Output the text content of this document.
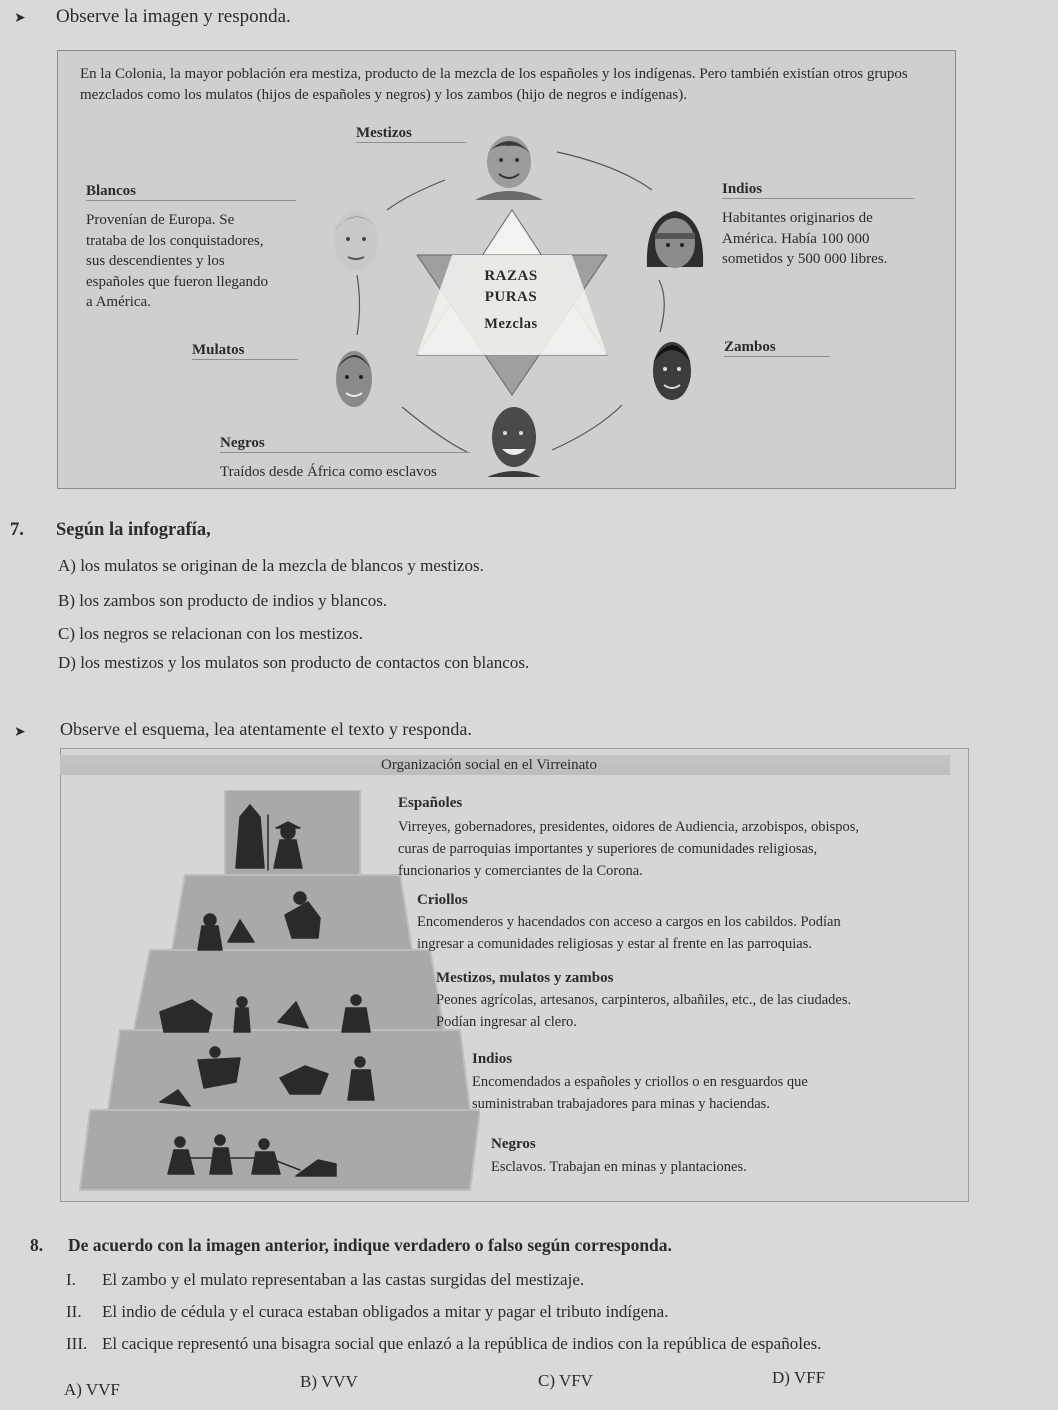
➤ Observe la imagen y responda.
En la Colonia, la mayor población era mestiza, producto de la mezcla de los españoles y los indígenas. Pero también existían otros grupos mezclados como los mulatos (hijos de españoles y negros) y los zambos (hijo de negros e indígenas).
RAZAS
PURAS
Mezclas
Mestizos
Blancos
Provenían de Europa. Se
trataba de los conquistadores,
sus descendientes y los
españoles que fueron llegando
a América.
Indios
Habitantes originarios de
América. Había 100 000
sometidos y 500 000 libres.
Mulatos	Zambos
Negros
Traídos desde África como esclavos
7. Según la infografía,
A) los mulatos se originan de la mezcla de blancos y mestizos.
B) los zambos son producto de indios y blancos.
C) los negros se relacionan con los mestizos.
D) los mestizos y los mulatos son producto de contactos con blancos.
➤ Observe el esquema, lea atentamente el texto y responda.
Organización social en el Virreinato
Españoles
Virreyes, gobernadores, presidentes, oidores de Audiencia, arzobispos, obispos,
curas de parroquias importantes y superiores de comunidades religiosas,
funcionarios y comerciantes de la Corona.
Criollos
Encomenderos y hacendados con acceso a cargos en los cabildos. Podían
ingresar a comunidades religiosas y estar al frente en las parroquias.
Mestizos, mulatos y zambos
Peones agrícolas, artesanos, carpinteros, albañiles, etc., de las ciudades.
Podían ingresar al clero.
Indios
Encomendados a españoles y criollos o en resguardos que
suministraban trabajadores para minas y haciendas.
Negros
Esclavos. Trabajan en minas y plantaciones.
8. De acuerdo con la imagen anterior, indique verdadero o falso según corresponda.
I. El zambo y el mulato representaban a las castas surgidas del mestizaje.
II. El indio de cédula y el curaca estaban obligados a mitar y pagar el tributo indígena.
III. El cacique representó una bisagra social que enlazó a la república de indios con la república de españoles.
A) VVF	B) VVV	C) VFV	D) VFF
